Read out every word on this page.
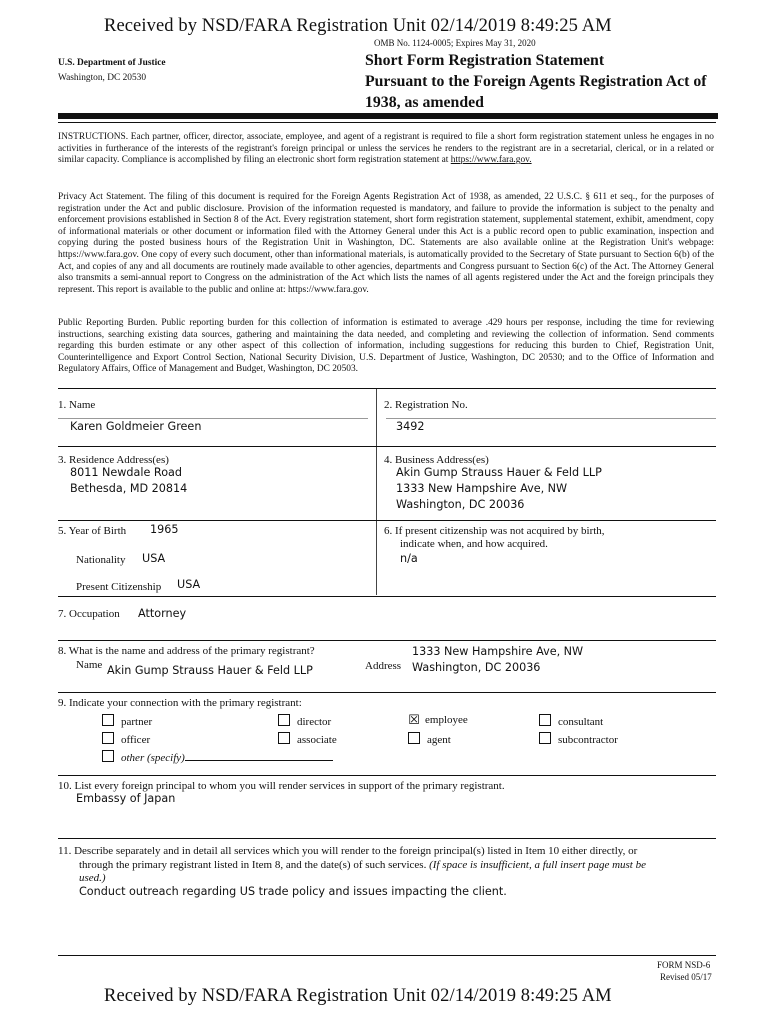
Received by NSD/FARA Registration Unit 02/14/2019 8:49:25 AM
OMB No. 1124-0005; Expires May 31, 2020
U.S. Department of Justice
Washington, DC 20530
Short Form Registration Statement
Pursuant to the Foreign Agents Registration Act of
1938, as amended
INSTRUCTIONS. Each partner, officer, director, associate, employee, and agent of a registrant is required to file a short form registration statement unless he engages in no activities in furtherance of the interests of the registrant's foreign principal or unless the services he renders to the registrant are in a secretarial, clerical, or in a related or similar capacity. Compliance is accomplished by filing an electronic short form registration statement at https://www.fara.gov.
Privacy Act Statement. The filing of this document is required for the Foreign Agents Registration Act of 1938, as amended, 22 U.S.C. § 611 et seq., for the purposes of registration under the Act and public disclosure. Provision of the information requested is mandatory, and failure to provide the information is subject to the penalty and enforcement provisions established in Section 8 of the Act. Every registration statement, short form registration statement, supplemental statement, exhibit, amendment, copy of informational materials or other document or information filed with the Attorney General under this Act is a public record open to public examination, inspection and copying during the posted business hours of the Registration Unit in Washington, DC. Statements are also available online at the Registration Unit's webpage: https://www.fara.gov. One copy of every such document, other than informational materials, is automatically provided to the Secretary of State pursuant to Section 6(b) of the Act, and copies of any and all documents are routinely made available to other agencies, departments and Congress pursuant to Section 6(c) of the Act. The Attorney General also transmits a semi-annual report to Congress on the administration of the Act which lists the names of all agents registered under the Act and the foreign principals they represent. This report is available to the public and online at: https://www.fara.gov.
Public Reporting Burden. Public reporting burden for this collection of information is estimated to average .429 hours per response, including the time for reviewing instructions, searching existing data sources, gathering and maintaining the data needed, and completing and reviewing the collection of information. Send comments regarding this burden estimate or any other aspect of this collection of information, including suggestions for reducing this burden to Chief, Registration Unit, Counterintelligence and Export Control Section, National Security Division, U.S. Department of Justice, Washington, DC 20530; and to the Office of Information and Regulatory Affairs, Office of Management and Budget, Washington, DC 20503.
1. Name
Karen Goldmeier Green
2. Registration No.
3492
3. Residence Address(es)
8011 Newdale Road
Bethesda, MD 20814
4. Business Address(es)
Akin Gump Strauss Hauer & Feld LLP
1333 New Hampshire Ave, NW
Washington, DC 20036
5. Year of Birth 1965
Nationality USA
Present Citizenship USA
6. If present citizenship was not acquired by birth,
indicate when, and how acquired.
n/a
7. Occupation Attorney
8. What is the name and address of the primary registrant?
Name Akin Gump Strauss Hauer & Feld LLP	Address
1333 New Hampshire Ave, NW
Washington, DC 20036
9. Indicate your connection with the primary registrant:
partner	director	☒ employee	consultant
officer	associate	agent	subcontractor
other (specify)
10. List every foreign principal to whom you will render services in support of the primary registrant.
Embassy of Japan
11. Describe separately and in detail all services which you will render to the foreign principal(s) listed in Item 10 either directly, or
through the primary registrant listed in Item 8, and the date(s) of such services. (If space is insufficient, a full insert page must be
used.)
Conduct outreach regarding US trade policy and issues impacting the client.
FORM NSD-6
Revised 05/17
Received by NSD/FARA Registration Unit 02/14/2019 8:49:25 AM
